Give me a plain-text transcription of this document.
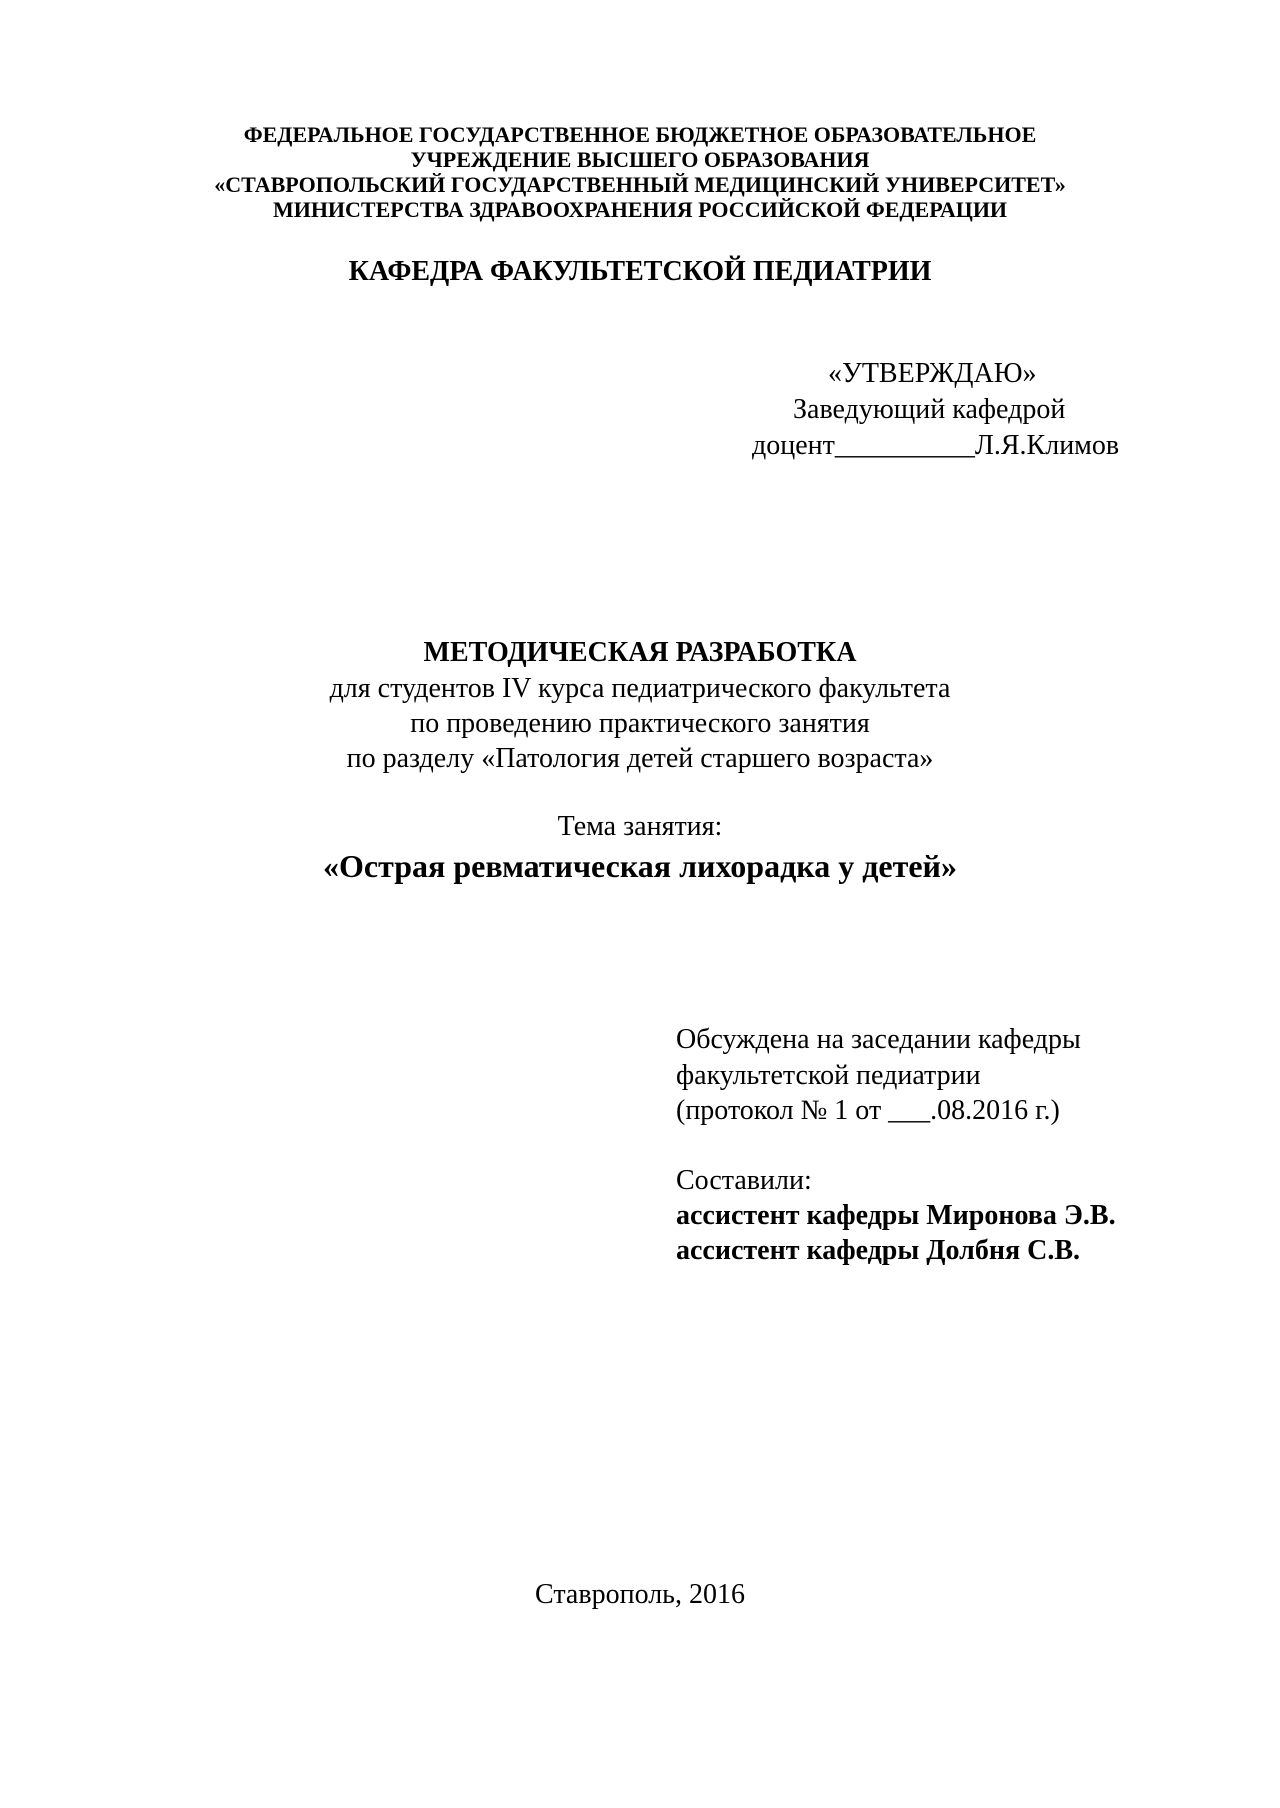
ФЕДЕРАЛЬНОЕ ГОСУДАРСТВЕННОЕ БЮДЖЕТНОЕ ОБРАЗОВАТЕЛЬНОЕ
УЧРЕЖДЕНИЕ ВЫСШЕГО ОБРАЗОВАНИЯ
«СТАВРОПОЛЬСКИЙ ГОСУДАРСТВЕННЫЙ МЕДИЦИНСКИЙ УНИВЕРСИТЕТ»
МИНИСТЕРСТВА ЗДРАВООХРАНЕНИЯ РОССИЙСКОЙ ФЕДЕРАЦИИ
КАФЕДРА ФАКУЛЬТЕТСКОЙ ПЕДИАТРИИ
«УТВЕРЖДАЮ»
Заведующий кафедрой
доцент__________Л.Я.Климов
МЕТОДИЧЕСКАЯ РАЗРАБОТКА
для студентов IV курса педиатрического факультета
по проведению практического занятия
по разделу «Патология детей старшего возраста»
Тема занятия:
«Острая ревматическая лихорадка у детей»
Обсуждена на заседании кафедры
факультетской педиатрии
(протокол № 1 от ___.08.2016 г.)
Составили:
ассистент кафедры Миронова Э.В.
ассистент кафедры Долбня С.В.
Ставрополь, 2016
